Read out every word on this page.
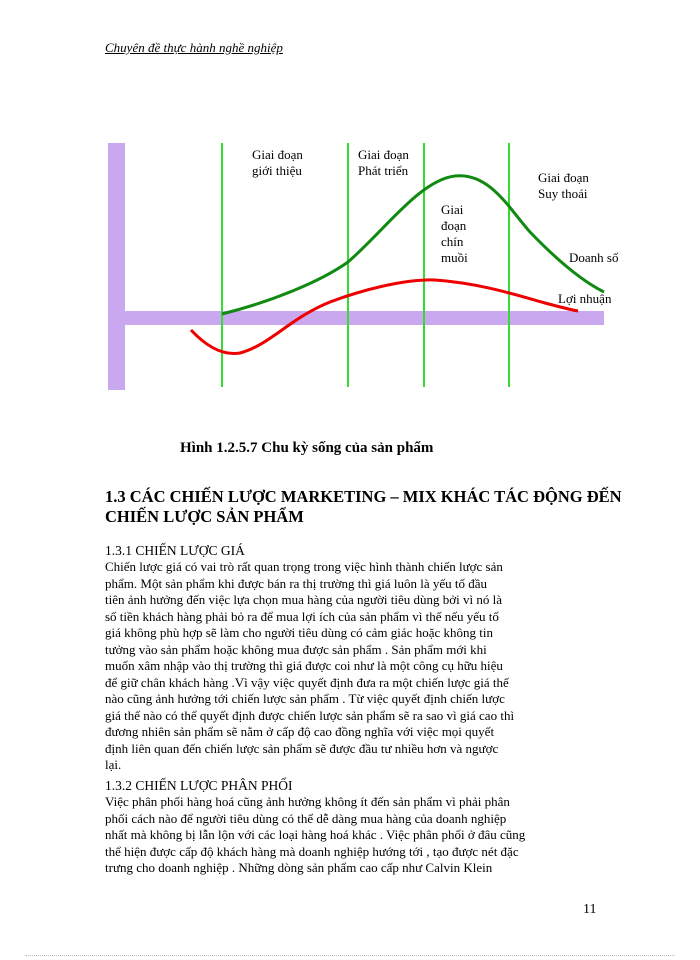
Chuyên đề thực hành nghề nghiệp
Giai đoạn
giới thiệu
Giai đoạn
Phát triển
Giai
đoạn
chín
muồi
Giai đoạn
Suy thoái
Doanh số
Lợi nhuận
Hình 1.2.5.7 Chu kỳ sống của sản phẩm
1.3 CÁC CHIẾN LƯỢC MARKETING – MIX KHÁC TÁC ĐỘNG ĐẾN CHIẾN LƯỢC SẢN PHẨM
1.3.1 CHIẾN LƯỢC GIÁ

Chiến lược giá có vai trò rất quan trọng trong việc hình thành chiến lược sản

phẩm. Một sản phẩm khi được bán ra thị trường thì giá luôn là yếu tố đầu

tiên ảnh hưởng đến việc lựa chọn mua hàng của người tiêu dùng bởi vì nó là

số tiền khách hàng phải bỏ ra để mua lợi ích của sản phẩm vì thế nếu yếu tố

giá không phù hợp sẽ làm cho người tiêu dùng có cảm giác hoặc không tin

tưởng vào sản phẩm hoặc không mua được sản phẩm . Sản phẩm mới khi

muốn xâm nhập vào thị trường thì giá được coi như là một công cụ hữu hiệu

để giữ chân khách hàng .Vì vậy việc quyết định đưa ra một chiến lược giá thế

nào cũng ảnh hưởng tới chiến lược sản phẩm . Từ việc quyết định chiến lược

giá thế nào có thể quyết định được chiến lược sản phẩm sẽ ra sao vì giá cao thì

đương nhiên sản phẩm sẽ nằm ở cấp độ cao đồng nghĩa với việc mọi quyết

định liên quan đến chiến lược sản phẩm sẽ được đầu tư nhiều hơn và ngược

lại.

1.3.2 CHIẾN LƯỢC PHÂN PHỐI

Việc phân phối hàng hoá cũng ảnh hưởng không ít đến sản phẩm vì phải phân

phối cách nào để người tiêu dùng có thể dễ dàng mua hàng của doanh nghiệp

nhất mà không bị lẫn lộn với các loại hàng hoá khác . Việc phân phối ở đâu cũng

thể hiện được cấp độ khách hàng mà doanh nghiệp hướng tới , tạo được nét đặc

trưng cho doanh nghiệp . Những dòng sản phẩm cao cấp như Calvin Klein

11
